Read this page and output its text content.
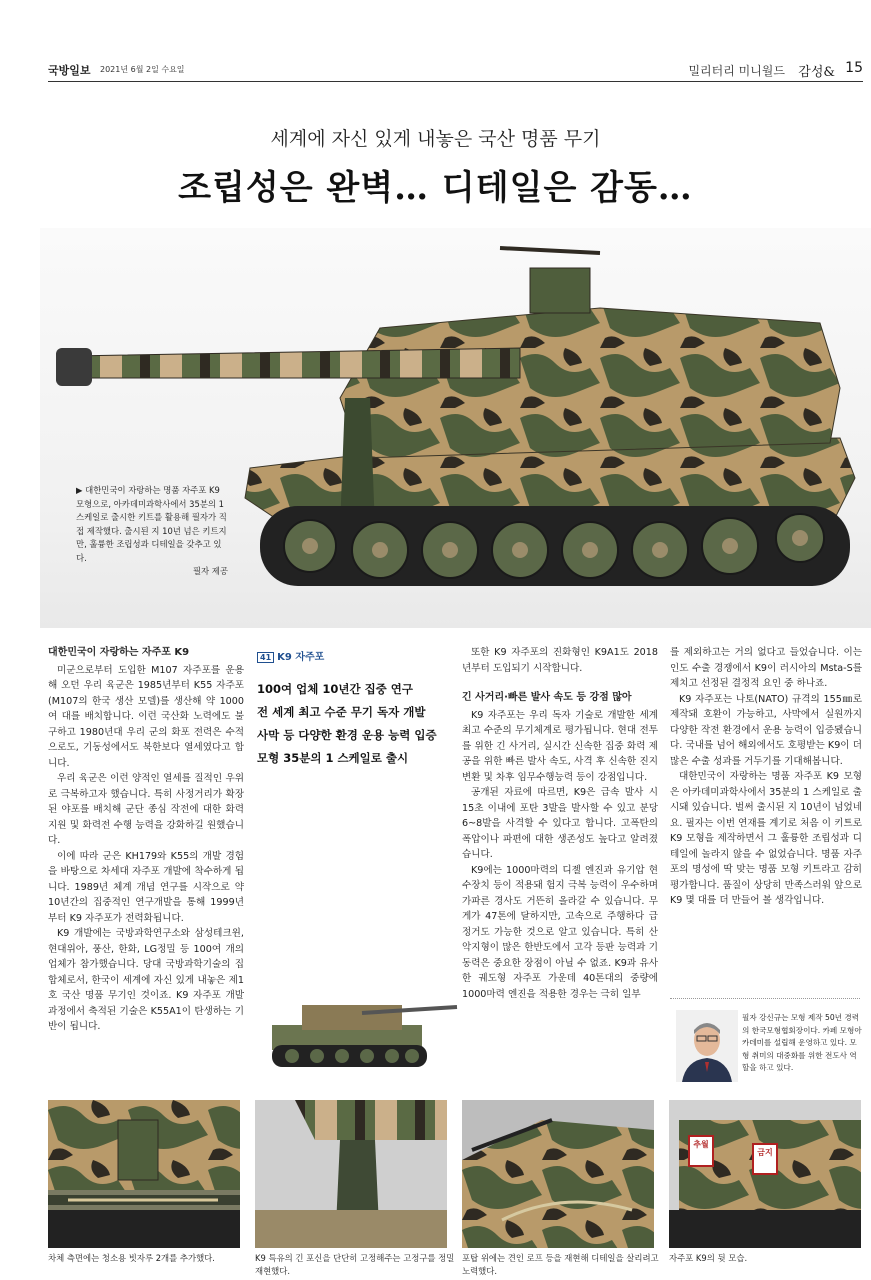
국방일보 2021년 6월 2일 수요일	밀리터리 미니월드 감성& 15
세계에 자신 있게 내놓은 국산 명품 무기
조립성은 완벽… 디테일은 감동…
▶ 대한민국이 자랑하는 명품 자주포 K9 모형으로, 아카데미과학사에서 35분의 1 스케일로 출시한 키트를 활용해 필자가 직접 제작했다. 출시된 지 10년 넘은 키트지만, 훌륭한 조립성과 디테일을 갖추고 있다.
필자 제공
대한민국이 자랑하는 자주포 K9

미군으로부터 도입한 M107 자주포를 운용해 오던 우리 육군은 1985년부터 K55 자주포(M107의 한국 생산 모델)를 생산해 약 1000여 대를 배치합니다. 이런 국산화 노력에도 불구하고 1980년대 우리 군의 화포 전력은 수적으로도, 기동성에서도 북한보다 열세였다고 합니다.

우리 육군은 이런 양적인 열세를 질적인 우위로 극복하고자 했습니다. 특히 사정거리가 확장된 야포를 배치해 군단 종심 작전에 대한 화력 지원 및 화력전 수행 능력을 강화하길 원했습니다.

이에 따라 군은 KH179와 K55의 개발 경험을 바탕으로 차세대 자주포 개발에 착수하게 됩니다. 1989년 체계 개념 연구를 시작으로 약 10년간의 집중적인 연구개발을 통해 1999년부터 K9 자주포가 전력화됩니다.

K9 개발에는 국방과학연구소와 삼성테크윈, 현대위아, 풍산, 한화, LG정밀 등 100여 개의 업체가 참가했습니다. 당대 국방과학기술의 집합체로서, 한국이 세계에 자신 있게 내놓은 제1호 국산 명품 무기인 것이죠. K9 자주포 개발 과정에서 축적된 기술은 K55A1이 탄생하는 기반이 됩니다.

41 K9 자주포
100여 업체 10년간 집중 연구
전 세계 최고 수준 무기 독자 개발
사막 등 다양한 환경 운용 능력 입증
모형 35분의 1 스케일로 출시

또한 K9 자주포의 진화형인 K9A1도 2018년부터 도입되기 시작합니다.

긴 사거리·빠른 발사 속도 등 강점 많아

K9 자주포는 우리 독자 기술로 개발한 세계 최고 수준의 무기체계로 평가됩니다. 현대 전투를 위한 긴 사거리, 실시간 신속한 집중 화력 제공을 위한 빠른 발사 속도, 사격 후 신속한 진지 변환 및 차후 임무수행능력 등이 강점입니다.

공개된 자료에 따르면, K9은 급속 발사 시 15초 이내에 포탄 3발을 발사할 수 있고 분당 6~8발을 사격할 수 있다고 합니다. 고폭탄의 폭압이나 파편에 대한 생존성도 높다고 알려졌습니다.

K9에는 1000마력의 디젤 엔진과 유기압 현수장치 등이 적용돼 험지 극복 능력이 우수하며 가파른 경사도 거뜬히 올라갈 수 있습니다. 무게가 47톤에 달하지만, 고속으로 주행하다 급정거도 가능한 것으로 알고 있습니다. 특히 산악지형이 많은 한반도에서 고각 등판 능력과 기동력은 중요한 장점이 아닐 수 없죠. K9과 유사한 궤도형 자주포 가운데 40톤대의 중량에 1000마력 엔진을 적용한 경우는 극히 일부

를 제외하고는 거의 없다고 들었습니다. 이는 인도 수출 경쟁에서 K9이 러시아의 Msta-S를 제치고 선정된 결정적 요인 중 하나죠.

K9 자주포는 나토(NATO) 규격의 155㎜로 제작돼 호환이 가능하고, 사막에서 실원까지 다양한 작전 환경에서 운용 능력이 입증됐습니다. 국내를 넘어 해외에서도 호평받는 K9이 더 많은 수출 성과를 거두기를 기대해봅니다.

대한민국이 자랑하는 명품 자주포 K9 모형은 아카데미과학사에서 35분의 1 스케일로 출시돼 있습니다. 벌써 출시된 지 10년이 넘었네요. 필자는 이번 연재를 계기로 처음 이 키트로 K9 모형을 제작하면서 그 훌륭한 조립성과 디테일에 놀라지 않을 수 없었습니다. 명품 자주포의 명성에 딱 맞는 명품 모형 키트라고 감히 평가합니다. 품질이 상당히 만족스러워 앞으로 K9 몇 대를 더 만들어 볼 생각입니다.

필자 강신규는 모형 제작 50년 경력의 한국모형협회장이다. 카페 모형아카데미를 설립해 운영하고 있다. 모형 취미의 대중화를 위한 전도사 역할을 하고 있다.
추월
금지
차체 측면에는 청소용 빗자루 2개를 추가했다.	K9 특유의 긴 포신을 단단히 고정해주는 고정구를 정밀 재현했다.
포탑 위에는 견인 로프 등을 재현해 디테일을 살리려고 노력했다.
자주포 K9의 뒷 모습.
